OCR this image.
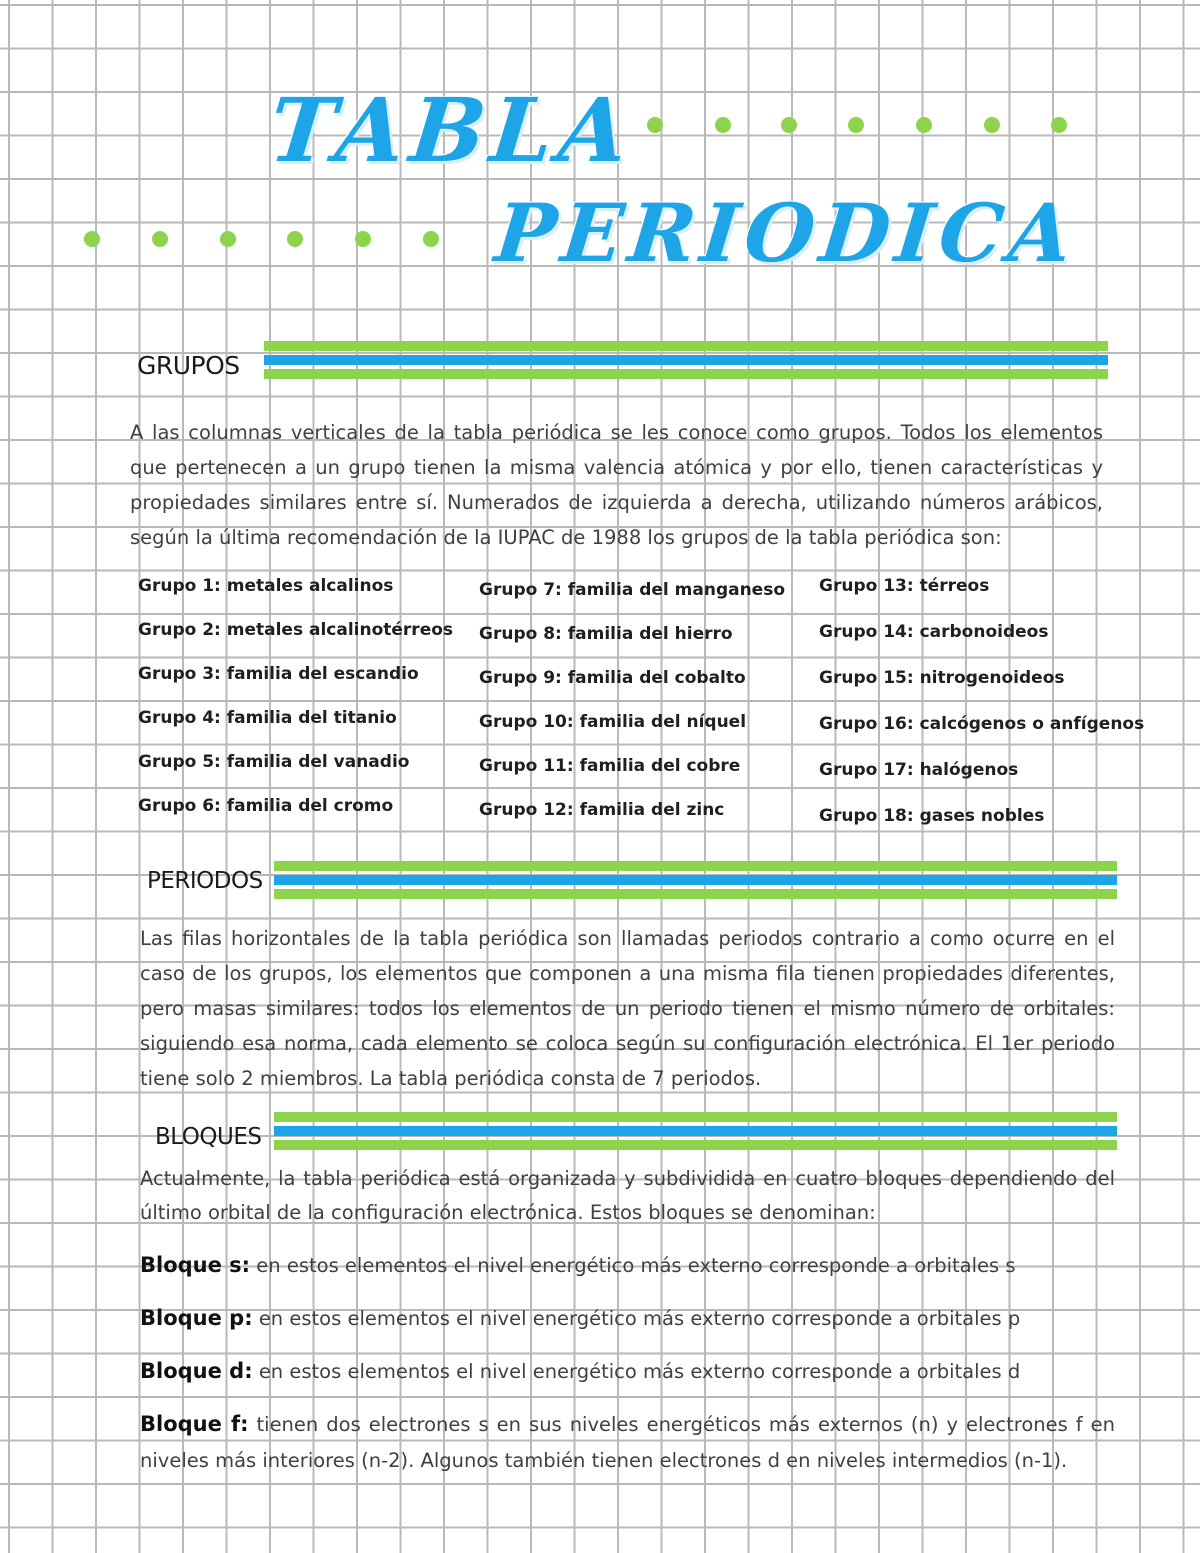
TABLA
PERIODICA
GRUPOS
A las columnas verticales de la tabla periódica se les conoce como grupos. Todos los elementos que pertenecen a un grupo tienen la misma valencia atómica y por ello, tienen características y propiedades similares entre sí. Numerados de izquierda a derecha, utilizando números arábicos, según la última recomendación de la IUPAC de 1988 los grupos de la tabla periódica son:
Grupo 1: metales alcalinos
Grupo 2: metales alcalinotérreos
Grupo 3: familia del escandio
Grupo 4: familia del titanio
Grupo 5: familia del vanadio
Grupo 6: familia del cromo
Grupo 7: familia del manganeso
Grupo 8: familia del hierro
Grupo 9: familia del cobalto
Grupo 10: familia del níquel
Grupo 11: familia del cobre
Grupo 12: familia del zinc
Grupo 13: térreos
Grupo 14: carbonoideos
Grupo 15: nitrogenoideos
Grupo 16: calcógenos o anfígenos
Grupo 17: halógenos
Grupo 18: gases nobles
PERIODOS
Las filas horizontales de la tabla periódica son llamadas periodos contrario a como ocurre en el caso de los grupos, los elementos que componen a una misma fila tienen propiedades diferentes, pero masas similares: todos los elementos de un periodo tienen el mismo número de orbitales: siguiendo esa norma, cada elemento se coloca según su configuración electrónica. El 1er periodo tiene solo 2 miembros. La tabla periódica consta de 7 periodos.
BLOQUES
Actualmente, la tabla periódica está organizada y subdividida en cuatro bloques dependiendo del último orbital de la configuración electrónica. Estos bloques se denominan:
Bloque s: en estos elementos el nivel energético más externo corresponde a orbitales s
Bloque p: en estos elementos el nivel energético más externo corresponde a orbitales p
Bloque d: en estos elementos el nivel energético más externo corresponde a orbitales d
Bloque f: tienen dos electrones s en sus niveles energéticos más externos (n) y electrones f en niveles más interiores (n-2). Algunos también tienen electrones d en niveles intermedios (n-1).
